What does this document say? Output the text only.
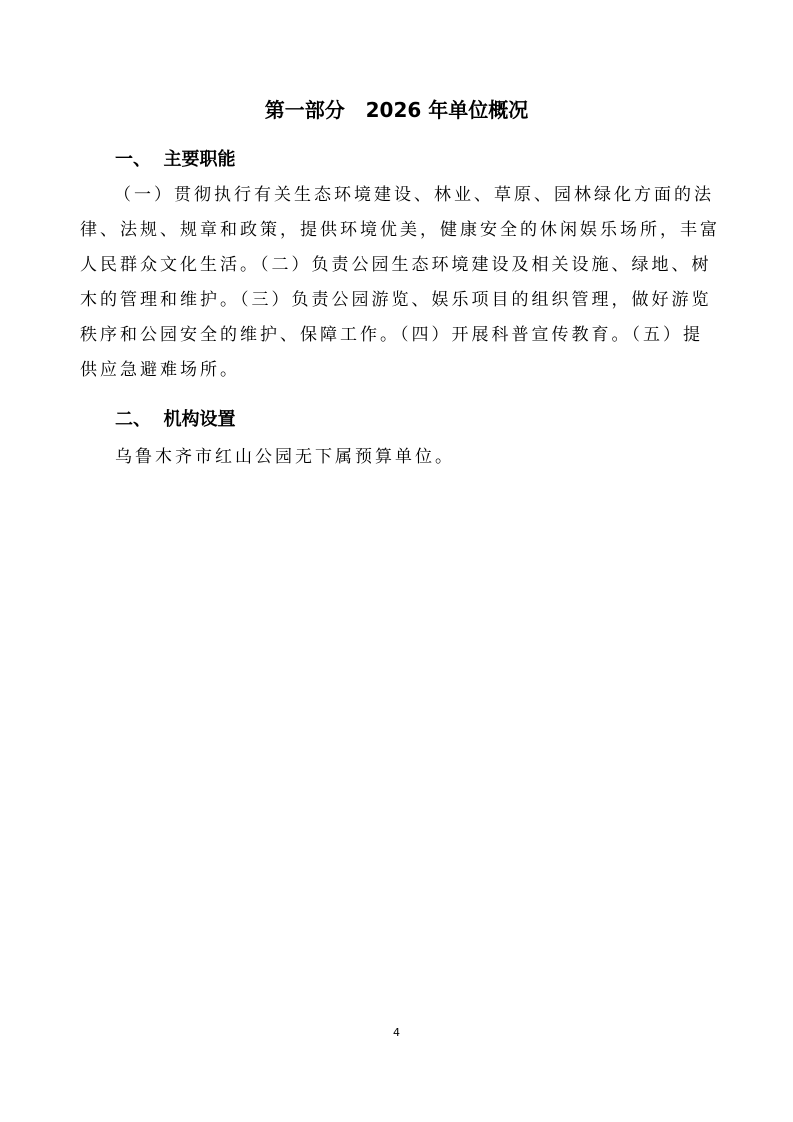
第一部分   2026 年单位概况
一、  主要职能
（一）贯彻执行有关生态环境建设、林业、草原、园林绿化方面的法律、法规、规章和政策，提供环境优美，健康安全的休闲娱乐场所，丰富人民群众文化生活。（二）负责公园生态环境建设及相关设施、绿地、树木的管理和维护。（三）负责公园游览、娱乐项目的组织管理，做好游览秩序和公园安全的维护、保障工作。（四）开展科普宣传教育。（五）提供应急避难场所。
二、  机构设置
乌鲁木齐市红山公园无下属预算单位。
4
